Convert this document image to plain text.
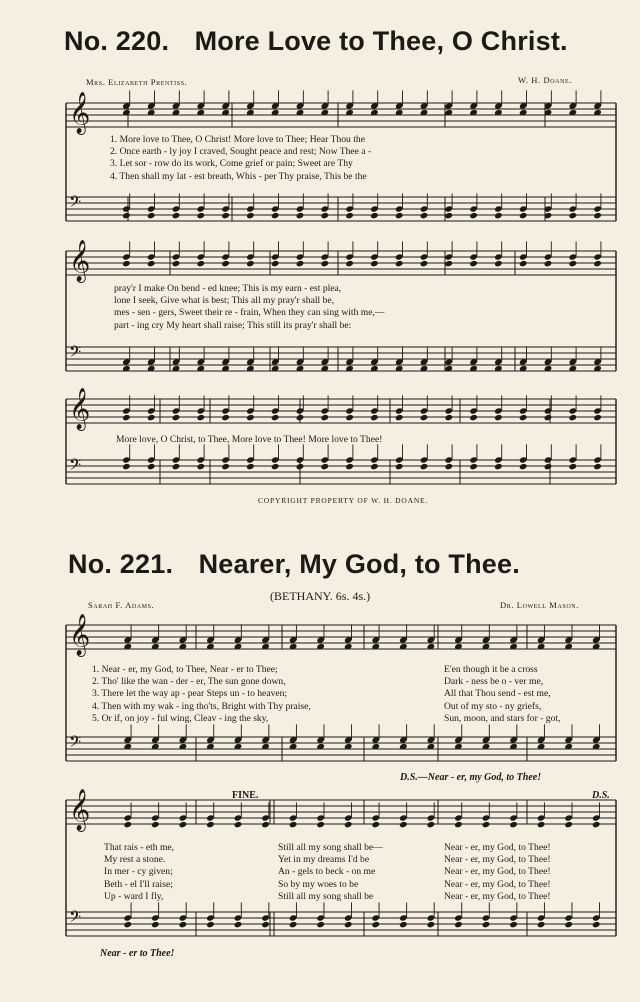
No. 220. More Love to Thee, O Christ.
Mrs. Elizabeth Prentiss.	W. H. Doane.
𝄞
𝄢
𝄞
𝄢
𝄞
𝄢
𝄞
𝄢
𝄞
𝄢
1. More love to Thee, O Christ! More love to Thee; Hear Thou the
2. Once earth - ly joy I craved, Sought peace and rest; Now Thee a -
3. Let sor - row do its work, Come grief or pain; Sweet are Thy
4. Then shall my lat - est breath, Whis - per Thy praise, This be the
pray'r I make On bend - ed knee; This is my earn - est plea,
lone I seek, Give what is best; This all my pray'r shall be,
mes - sen - gers, Sweet their re - frain, When they can sing with me,—
part - ing cry My heart shall raise; This still its pray'r shall be:
More love, O Christ, to Thee, More love to Thee! More love to Thee!
COPYRIGHT PROPERTY OF W. H. DOANE.
No. 221. Nearer, My God, to Thee.
(BETHANY. 6s. 4s.)
Sarah F. Adams.	Dr. Lowell Mason.
1. Near - er, my God, to Thee, Near - er to Thee;
2. Tho' like the wan - der - er, The sun gone down,
3. There let the way ap - pear Steps un - to heaven;
4. Then with my wak - ing tho'ts, Bright with Thy praise,
5. Or if, on joy - ful wing, Cleav - ing the sky,
E'en though it be a cross
Dark - ness be o - ver me,
All that Thou send - est me,
Out of my sto - ny griefs,
Sun, moon, and stars for - got,
D.S.—Near - er, my God, to Thee!
FINE.	D.S.
That rais - eth me,
My rest a stone.
In mer - cy given;
Beth - el I'll raise;
Up - ward I fly,
Still all my song shall be—
Yet in my dreams I'd be
An - gels to beck - on me
So by my woes to be
Still all my song shall be
Near - er, my God, to Thee!
Near - er, my God, to Thee!
Near - er, my God, to Thee!
Near - er, my God, to Thee!
Near - er, my God, to Thee!
Near - er to Thee!
